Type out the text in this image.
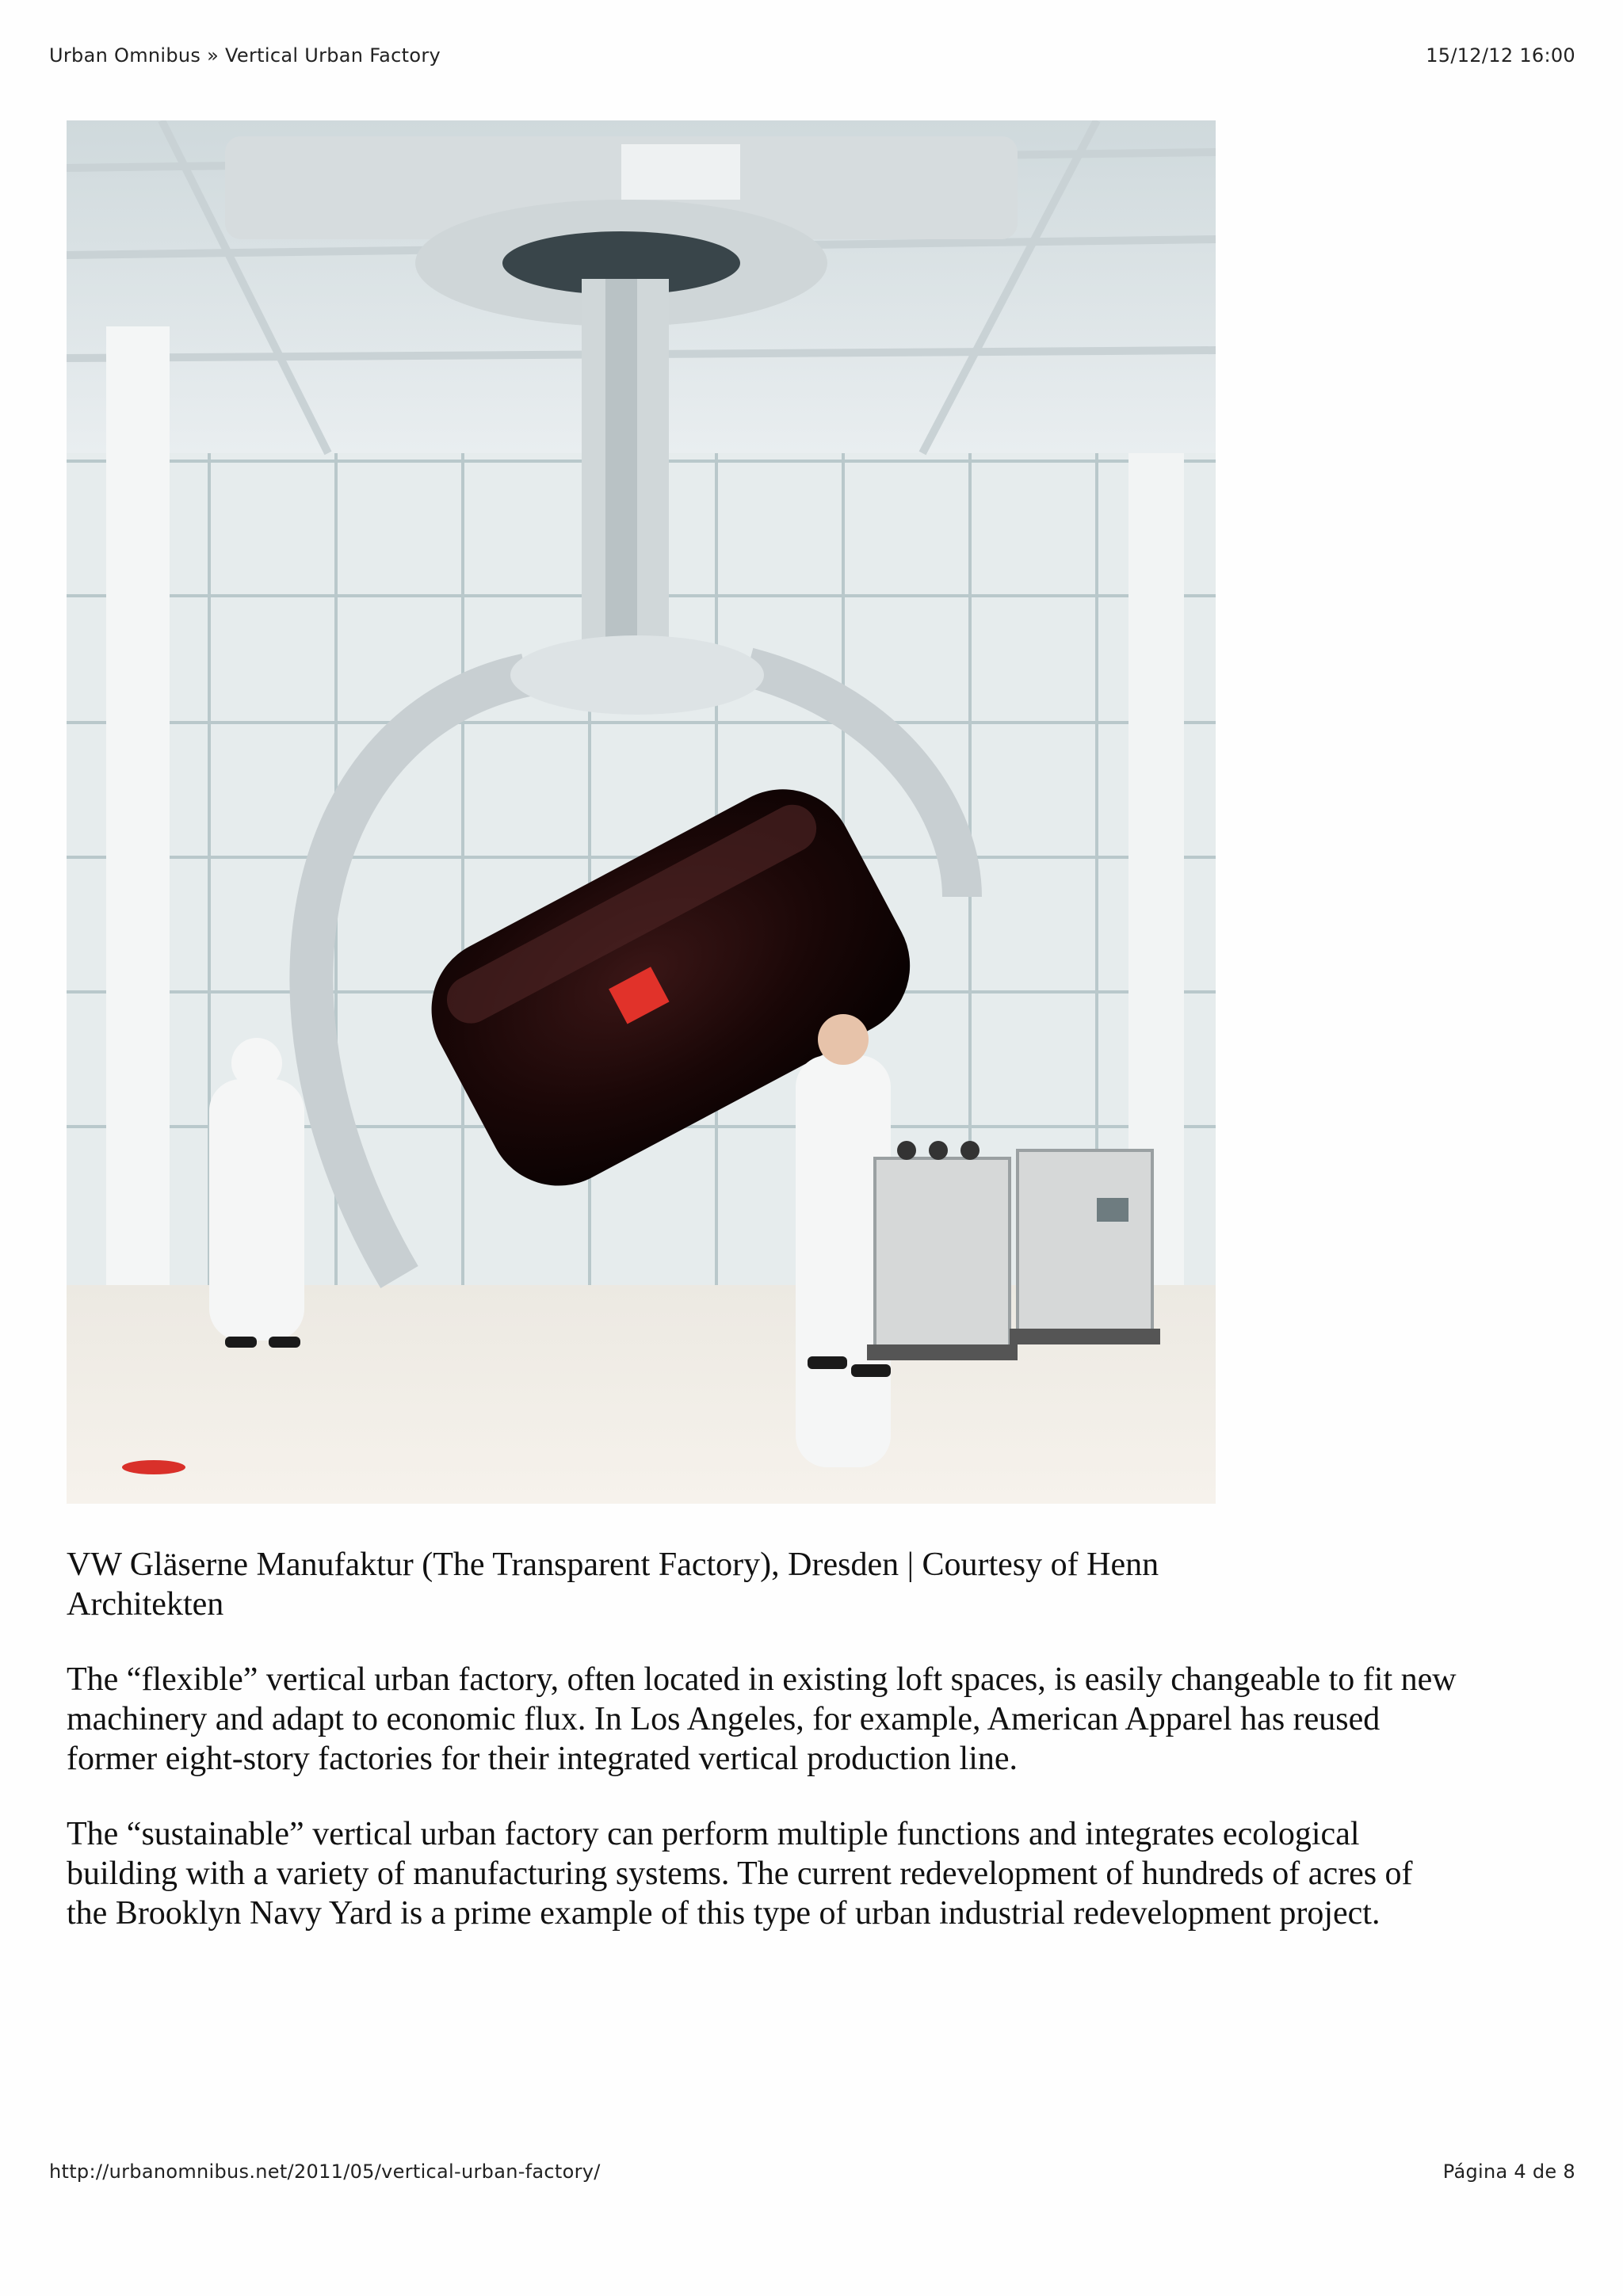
Urban Omnibus » Vertical Urban Factory	15/12/12 16:00
VW Gläserne Manufaktur (The Transparent Factory), Dresden | Courtesy of Henn Architekten

The “flexible” vertical urban factory, often located in existing loft spaces, is easily changeable to fit new machinery and adapt to economic flux. In Los Angeles, for example, American Apparel has reused former eight-story factories for their integrated vertical production line.

The “sustainable” vertical urban factory can perform multiple functions and integrates ecological building with a variety of manufacturing systems. The current redevelopment of hundreds of acres of the Brooklyn Navy Yard is a prime example of this type of urban industrial redevelopment project.

http://urbanomnibus.net/2011/05/vertical-urban-factory/	Página 4 de 8
